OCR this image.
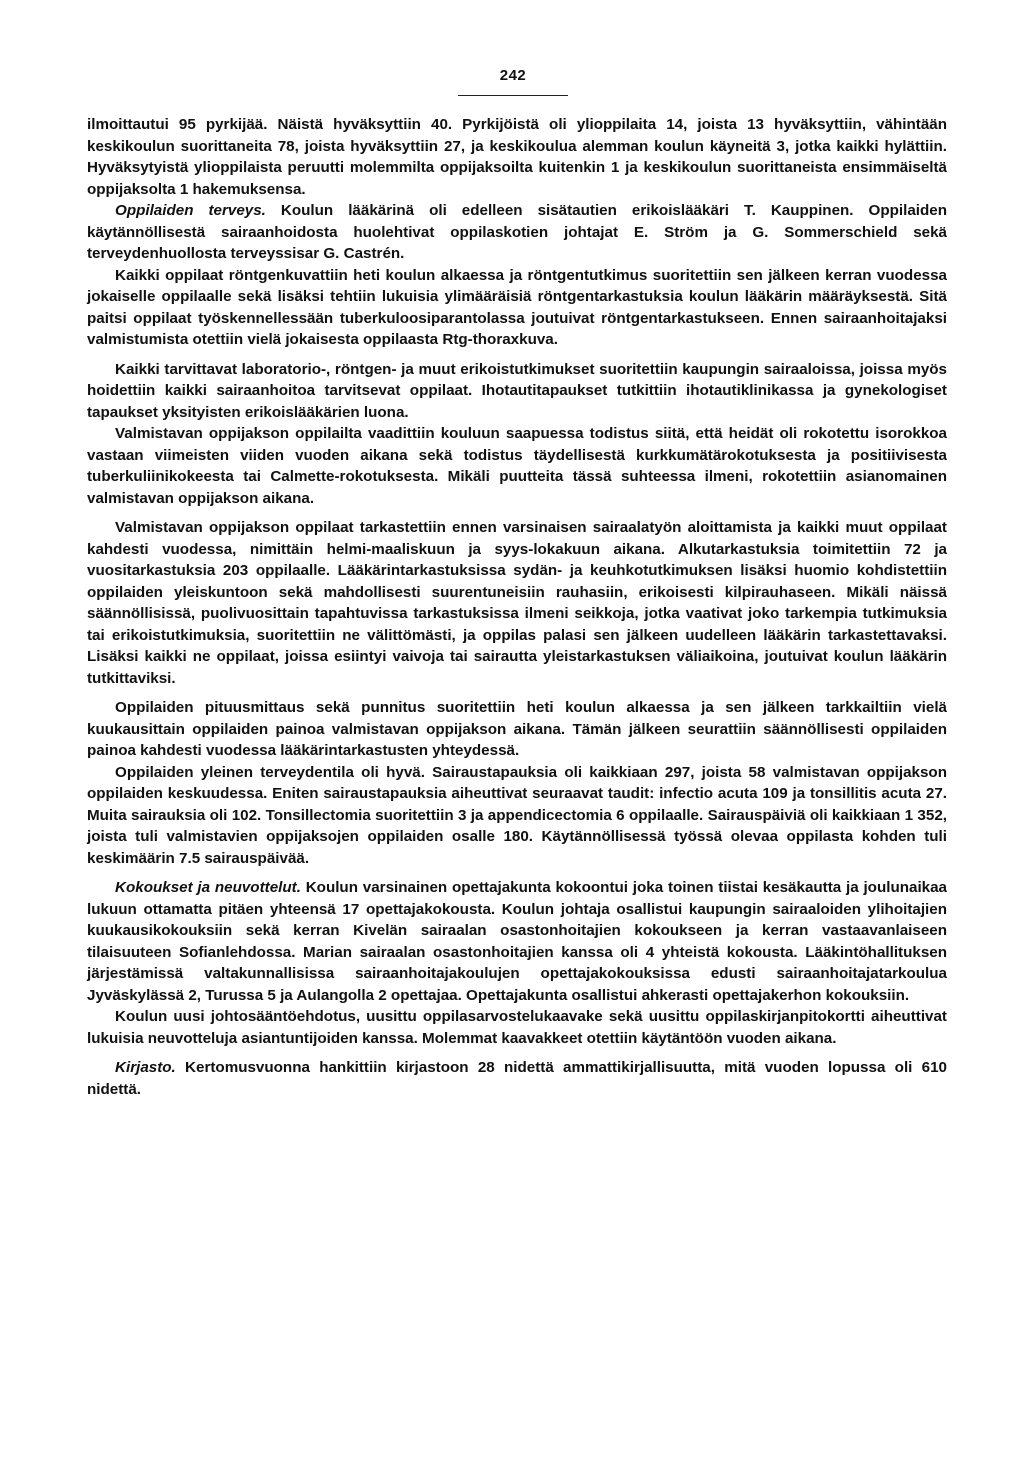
242

ilmoittautui 95 pyrkijää. Näistä hyväksyttiin 40. Pyrkijöistä oli ylioppilaita 14, joista 13 hyväksyttiin, vähintään keskikoulun suorittaneita 78, joista hyväksyttiin 27, ja keskikoulua alemman koulun käyneitä 3, jotka kaikki hylättiin. Hyväksytyistä ylioppilaista peruutti molemmilta oppijaksoilta kuitenkin 1 ja keskikoulun suorittaneista ensimmäiseltä oppijaksolta 1 hakemuksensa.

Oppilaiden terveys. Koulun lääkärinä oli edelleen sisätautien erikoislääkäri T. Kauppinen. Oppilaiden käytännöllisestä sairaanhoidosta huolehtivat oppilaskotien johtajat E. Ström ja G. Sommerschield sekä terveydenhuollosta terveyssisar G. Castrén.

Kaikki oppilaat röntgenkuvattiin heti koulun alkaessa ja röntgentutkimus suoritettiin sen jälkeen kerran vuodessa jokaiselle oppilaalle sekä lisäksi tehtiin lukuisia ylimääräisiä röntgentarkastuksia koulun lääkärin määräyksestä. Sitä paitsi oppilaat työskennellessään tuberkuloosiparantolassa joutuivat röntgentarkastukseen. Ennen sairaanhoitajaksi valmistumista otettiin vielä jokaisesta oppilaasta Rtg-thoraxkuva.

Kaikki tarvittavat laboratorio-, röntgen- ja muut erikoistutkimukset suoritettiin kaupungin sairaaloissa, joissa myös hoidettiin kaikki sairaanhoitoa tarvitsevat oppilaat. Ihotautitapaukset tutkittiin ihotautiklinikassa ja gynekologiset tapaukset yksityisten erikoislääkärien luona.

Valmistavan oppijakson oppilailta vaadittiin kouluun saapuessa todistus siitä, että heidät oli rokotettu isorokkoa vastaan viimeisten viiden vuoden aikana sekä todistus täydellisestä kurkkumätärokotuksesta ja positiivisesta tuberkuliinikokeesta tai Calmette-rokotuksesta. Mikäli puutteita tässä suhteessa ilmeni, rokotettiin asianomainen valmistavan oppijakson aikana.

Valmistavan oppijakson oppilaat tarkastettiin ennen varsinaisen sairaalatyön aloittamista ja kaikki muut oppilaat kahdesti vuodessa, nimittäin helmi-maaliskuun ja syys-lokakuun aikana. Alkutarkastuksia toimitettiin 72 ja vuositarkastuksia 203 oppilaalle. Lääkärintarkastuksissa sydän- ja keuhkotutkimuksen lisäksi huomio kohdistettiin oppilaiden yleiskuntoon sekä mahdollisesti suurentuneisiin rauhasiin, erikoisesti kilpirauhaseen. Mikäli näissä säännöllisissä, puolivuosittain tapahtuvissa tarkastuksissa ilmeni seikkoja, jotka vaativat joko tarkempia tutkimuksia tai erikoistutkimuksia, suoritettiin ne välittömästi, ja oppilas palasi sen jälkeen uudelleen lääkärin tarkastettavaksi. Lisäksi kaikki ne oppilaat, joissa esiintyi vaivoja tai sairautta yleistarkastuksen väliaikoina, joutuivat koulun lääkärin tutkittaviksi.

Oppilaiden pituusmittaus sekä punnitus suoritettiin heti koulun alkaessa ja sen jälkeen tarkkailtiin vielä kuukausittain oppilaiden painoa valmistavan oppijakson aikana. Tämän jälkeen seurattiin säännöllisesti oppilaiden painoa kahdesti vuodessa lääkärintarkastusten yhteydessä.

Oppilaiden yleinen terveydentila oli hyvä. Sairaustapauksia oli kaikkiaan 297, joista 58 valmistavan oppijakson oppilaiden keskuudessa. Eniten sairaustapauksia aiheuttivat seuraavat taudit: infectio acuta 109 ja tonsillitis acuta 27. Muita sairauksia oli 102. Tonsillectomia suoritettiin 3 ja appendicectomia 6 oppilaalle. Sairauspäiviä oli kaikkiaan 1 352, joista tuli valmistavien oppijaksojen oppilaiden osalle 180. Käytännöllisessä työssä olevaa oppilasta kohden tuli keskimäärin 7.5 sairauspäivää.

Kokoukset ja neuvottelut. Koulun varsinainen opettajakunta kokoontui joka toinen tiistai kesäkautta ja joulunaikaa lukuun ottamatta pitäen yhteensä 17 opettajakokousta. Koulun johtaja osallistui kaupungin sairaaloiden ylihoitajien kuukausikokouksiin sekä kerran Kivelän sairaalan osastonhoitajien kokoukseen ja kerran vastaavanlaiseen tilaisuuteen Sofianlehdossa. Marian sairaalan osastonhoitajien kanssa oli 4 yhteistä kokousta. Lääkintöhallituksen järjestämissä valtakunnallisissa sairaanhoitajakoulujen opettajakokouksissa edusti sairaanhoitajatarkoulua Jyväskylässä 2, Turussa 5 ja Aulangolla 2 opettajaa. Opettajakunta osallistui ahkerasti opettajakerhon kokouksiin.

Koulun uusi johtosääntöehdotus, uusittu oppilasarvostelukaavake sekä uusittu oppilaskirjanpitokortti aiheuttivat lukuisia neuvotteluja asiantuntijoiden kanssa. Molemmat kaavakkeet otettiin käytäntöön vuoden aikana.

Kirjasto. Kertomusvuonna hankittiin kirjastoon 28 nidettä ammattikirjallisuutta, mitä vuoden lopussa oli 610 nidettä.
